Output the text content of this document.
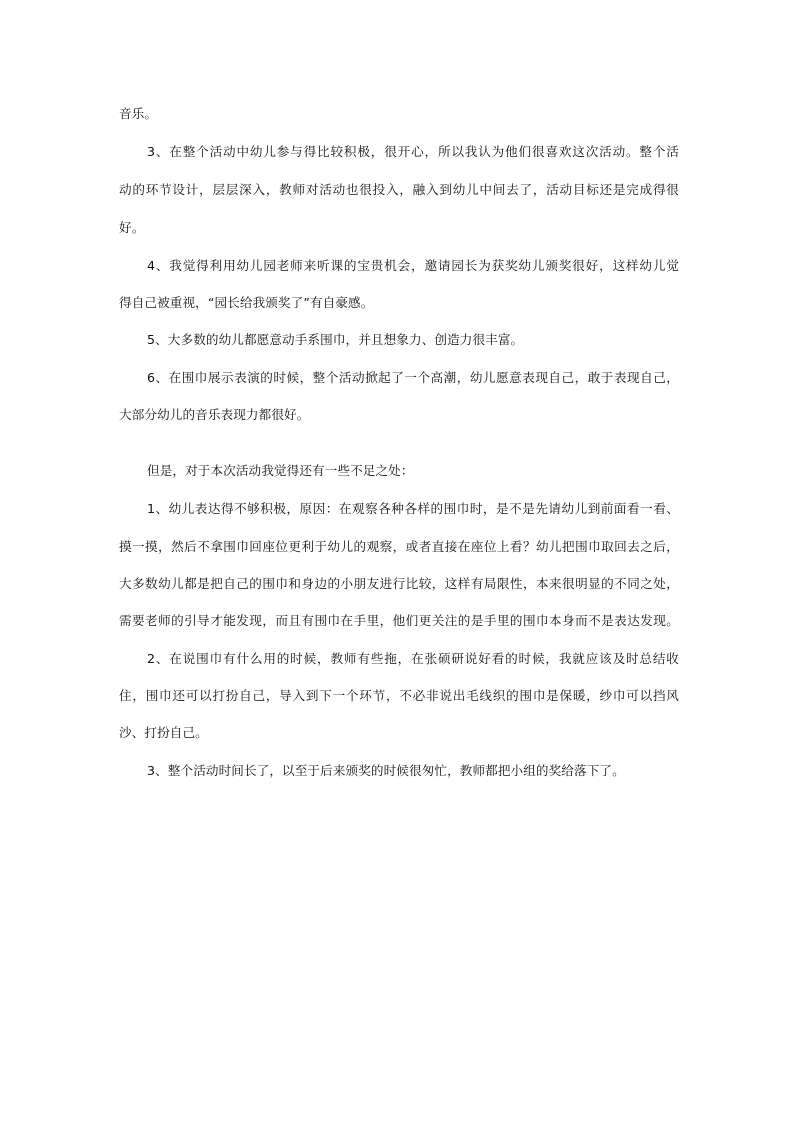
音乐。

3、在整个活动中幼儿参与得比较积极，很开心，所以我认为他们很喜欢这次活动。整个活

动的环节设计，层层深入，教师对活动也很投入，融入到幼儿中间去了，活动目标还是完成得很

好。

4、我觉得利用幼儿园老师来听课的宝贵机会，邀请园长为获奖幼儿颁奖很好，这样幼儿觉

得自己被重视，“园长给我颁奖了”有自豪感。

5、大多数的幼儿都愿意动手系围巾，并且想象力、创造力很丰富。

6、在围巾展示表演的时候，整个活动掀起了一个高潮，幼儿愿意表现自己，敢于表现自己，

大部分幼儿的音乐表现力都很好。

但是，对于本次活动我觉得还有一些不足之处：

1、幼儿表达得不够积极，原因：在观察各种各样的围巾时，是不是先请幼儿到前面看一看、

摸一摸，然后不拿围巾回座位更利于幼儿的观察，或者直接在座位上看？幼儿把围巾取回去之后，

大多数幼儿都是把自己的围巾和身边的小朋友进行比较，这样有局限性，本来很明显的不同之处，

需要老师的引导才能发现，而且有围巾在手里，他们更关注的是手里的围巾本身而不是表达发现。

2、在说围巾有什么用的时候，教师有些拖，在张硕研说好看的时候，我就应该及时总结收

住，围巾还可以打扮自己，导入到下一个环节，不必非说出毛线织的围巾是保暖，纱巾可以挡风

沙、打扮自己。

3、整个活动时间长了，以至于后来颁奖的时候很匆忙，教师都把小组的奖给落下了。
